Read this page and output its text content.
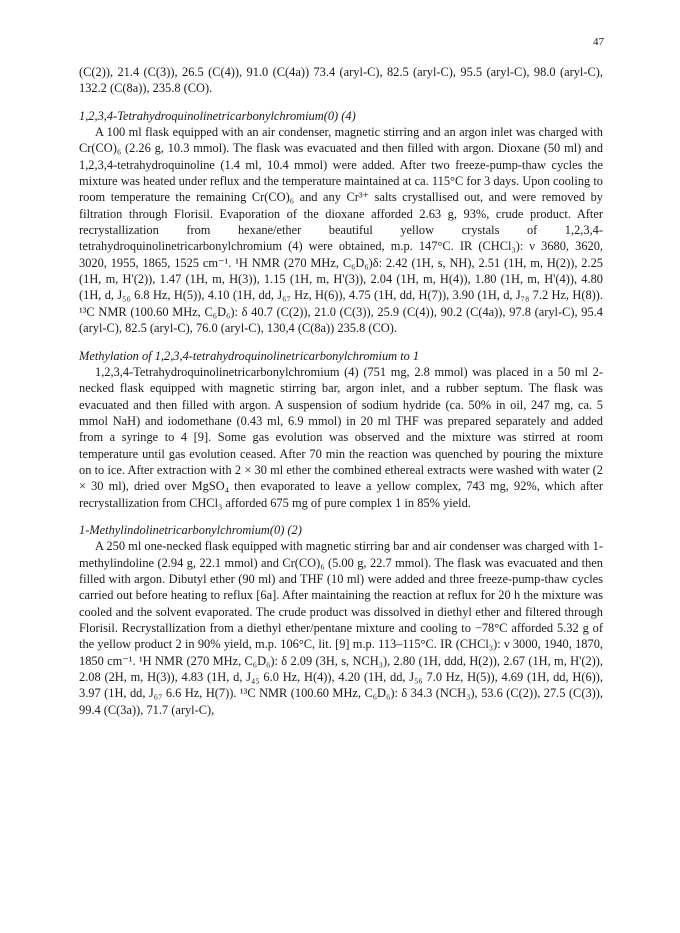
47

(C(2)), 21.4 (C(3)), 26.5 (C(4)), 91.0 (C(4a)) 73.4 (aryl-C), 82.5 (aryl-C), 95.5 (aryl-C), 98.0 (aryl-C), 132.2 (C(8a)), 235.8 (CO).

1,2,3,4-Tetrahydroquinolinetricarbonylchromium(0) (4)

A 100 ml flask equipped with an air condenser, magnetic stirring and an argon inlet was charged with Cr(CO)₆ (2.26 g, 10.3 mmol). The flask was evacuated and then filled with argon. Dioxane (50 ml) and 1,2,3,4-tetrahydroquinoline (1.4 ml, 10.4 mmol) were added. After two freeze-pump-thaw cycles the mixture was heated under reflux and the temperature maintained at ca. 115°C for 3 days. Upon cooling to room temperature the remaining Cr(CO)₆ and any Cr³⁺ salts crystallised out, and were removed by filtration through Florisil. Evaporation of the dioxane afforded 2.63 g, 93%, crude product. After recrystallization from hexane/ether beautiful yellow crystals of 1,2,3,4-tetrahydroquinolinetricarbonylchromium (4) were obtained, m.p. 147°C. IR (CHCl₃): ν 3680, 3620, 3020, 1955, 1865, 1525 cm⁻¹. ¹H NMR (270 MHz, C₆D₆)δ: 2.42 (1H, s, NH), 2.51 (1H, m, H(2)), 2.25 (1H, m, H'(2)), 1.47 (1H, m, H(3)), 1.15 (1H, m, H'(3)), 2.04 (1H, m, H(4)), 1.80 (1H, m, H'(4)), 4.80 (1H, d, J₅₆ 6.8 Hz, H(5)), 4.10 (1H, dd, J₆₇ Hz, H(6)), 4.75 (1H, dd, H(7)), 3.90 (1H, d, J₇₈ 7.2 Hz, H(8)). ¹³C NMR (100.60 MHz, C₆D₆): δ 40.7 (C(2)), 21.0 (C(3)), 25.9 (C(4)), 90.2 (C(4a)), 97.8 (aryl-C), 95.4 (aryl-C), 82.5 (aryl-C), 76.0 (aryl-C), 130,4 (C(8a)) 235.8 (CO).

Methylation of 1,2,3,4-tetrahydroquinolinetricarbonylchromium to 1

1,2,3,4-Tetrahydroquinolinetricarbonylchromium (4) (751 mg, 2.8 mmol) was placed in a 50 ml 2-necked flask equipped with magnetic stirring bar, argon inlet, and a rubber septum. The flask was evacuated and then filled with argon. A suspension of sodium hydride (ca. 50% in oil, 247 mg, ca. 5 mmol NaH) and iodomethane (0.43 ml, 6.9 mmol) in 20 ml THF was prepared separately and added from a syringe to 4 [9]. Some gas evolution was observed and the mixture was stirred at room temperature until gas evolution ceased. After 70 min the reaction was quenched by pouring the mixture on to ice. After extraction with 2 × 30 ml ether the combined ethereal extracts were washed with water (2 × 30 ml), dried over MgSO₄ then evaporated to leave a yellow complex, 743 mg, 92%, which after recrystallization from CHCl₃ afforded 675 mg of pure complex 1 in 85% yield.

1-Methylindolinetricarbonylchromium(0) (2)

A 250 ml one-necked flask equipped with magnetic stirring bar and air condenser was charged with 1-methylindoline (2.94 g, 22.1 mmol) and Cr(CO)₆ (5.00 g, 22.7 mmol). The flask was evacuated and then filled with argon. Dibutyl ether (90 ml) and THF (10 ml) were added and three freeze-pump-thaw cycles carried out before heating to reflux [6a]. After maintaining the reaction at reflux for 20 h the mixture was cooled and the solvent evaporated. The crude product was dissolved in diethyl ether and filtered through Florisil. Recrystallization from a diethyl ether/pentane mixture and cooling to −78°C afforded 5.32 g of the yellow product 2 in 90% yield, m.p. 106°C, lit. [9] m.p. 113–115°C. IR (CHCl₃): ν 3000, 1940, 1870, 1850 cm⁻¹. ¹H NMR (270 MHz, C₆D₆): δ 2.09 (3H, s, NCH₃), 2.80 (1H, ddd, H(2)), 2.67 (1H, m, H'(2)), 2.08 (2H, m, H(3)), 4.83 (1H, d, J₄₅ 6.0 Hz, H(4)), 4.20 (1H, dd, J₅₆ 7.0 Hz, H(5)), 4.69 (1H, dd, H(6)), 3.97 (1H, dd, J₆₇ 6.6 Hz, H(7)). ¹³C NMR (100.60 MHz, C₆D₆): δ 34.3 (NCH₃), 53.6 (C(2)), 27.5 (C(3)), 99.4 (C(3a)), 71.7 (aryl-C),
